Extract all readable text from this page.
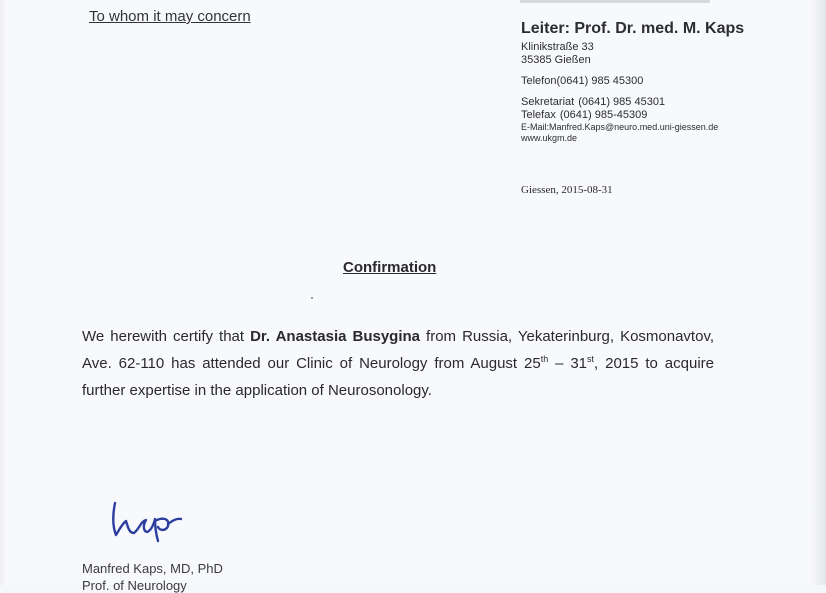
To whom it may concern
Leiter: Prof. Dr. med. M. Kaps
Klinikstraße 33
35385 Gießen
Telefon (0641) 985 45300
Sekretariat (0641) 985 45301
Telefax (0641) 985-45309
E-Mail:Manfred.Kaps@neuro.med.uni-giessen.de
www.ukgm.de
Giessen, 2015-08-31
Confirmation
We herewith certify that Dr. Anastasia Busygina from Russia, Yekaterinburg, Kosmonavtov, Ave. 62-110 has attended our Clinic of Neurology from August 25th – 31st, 2015 to acquire further expertise in the application of Neurosonology.
Manfred Kaps, MD, PhD
Prof. of Neurology
